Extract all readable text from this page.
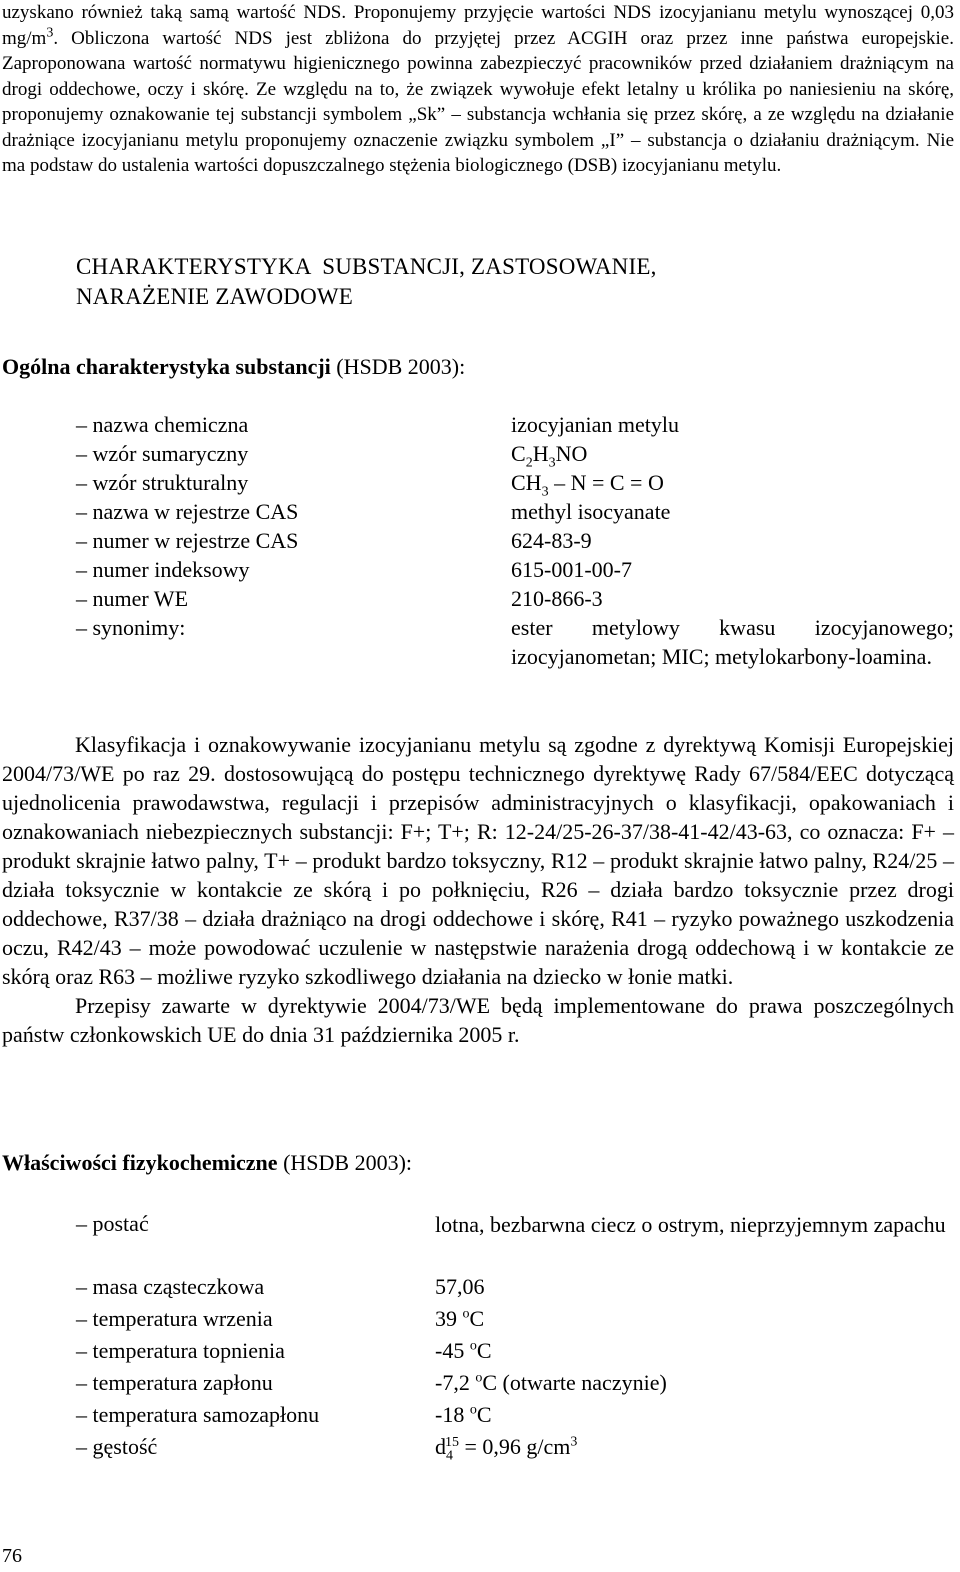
uzyskano również taką samą wartość NDS. Proponujemy przyjęcie wartości NDS izocyjanianu metylu wynoszącej 0,03 $mg/m^3$. Obliczona wartość NDS jest zbliżona do przyjętej przez ACGIH oraz przez inne państwa europejskie. Zaproponowana wartość normatywu higienicznego powinna zabezpieczyć pracowników przed działaniem drażniącym na drogi oddechowe, oczy i skórę. Ze względu na to, że związek wywołuje efekt letalny u królika po naniesieniu na skórę, proponujemy oznakowanie tej substancji symbolem „Sk” – substancja wchłania się przez skórę, a ze względu na działanie drażniące izocyjanianu metylu proponujemy oznaczenie związku symbolem „I” – substancja o działaniu drażniącym. Nie ma podstaw do ustalenia wartości dopuszczalnego stężenia biologicznego (DSB) izocyjanianu metylu.

CHARAKTERYSTYKA  SUBSTANCJI, ZASTOSOWANIE,
NARAŻENIE ZAWODOWE
Ogólna charakterystyka substancji (HSDB 2003):
– nazwa chemiczna	izocyjanian metylu
– wzór sumaryczny	$C_2H_3NO$
– wzór strukturalny	$CH_3 - N = C = O$
– nazwa w rejestrze CAS	methyl isocyanate
– numer w rejestrze CAS	624-83-9
– numer indeksowy	615-001-00-7
– numer WE	210-866-3
– synonimy:	ester metylowy kwasu izocyjanowego; izocyjanometan; MIC; metylokarbony-loamina.

Klasyfikacja i oznakowywanie izocyjanianu metylu są zgodne z dyrektywą Komisji Europejskiej 2004/73/WE po raz 29. dostosowującą do postępu technicznego dyrektywę Rady 67/584/EEC dotyczącą ujednolicenia prawodawstwa, regulacji i przepisów administracyjnych o klasyfikacji, opakowaniach i oznakowaniach niebezpiecznych substancji: F+; T+; R: 12-24/25-26-37/38-41-42/43-63, co oznacza: F+ – produkt skrajnie łatwo palny, T+ – produkt bardzo toksyczny, R12 – produkt skrajnie łatwo palny, R24/25 – działa toksycznie w kontakcie ze skórą i po połknięciu, R26 – działa bardzo toksycznie przez drogi oddechowe, R37/38 – działa drażniąco na drogi oddechowe i skórę, R41 – ryzyko poważnego uszkodzenia oczu, R42/43 – może powodować uczulenie w następstwie narażenia drogą oddechową i w kontakcie ze skórą oraz R63 – możliwe ryzyko szkodliwego działania na dziecko w łonie matki.

Przepisy zawarte w dyrektywie 2004/73/WE będą implementowane do prawa poszczególnych państw członkowskich UE do dnia 31 października 2005 r.

Właściwości fizykochemiczne (HSDB 2003):
– postać	lotna, bezbarwna ciecz o ostrym, nieprzyjemnym zapachu
– masa cząsteczkowa	57,06
– temperatura wrzenia	39 $^o$C
– temperatura topnienia	-45 $^o$C
– temperatura zapłonu	-7,2 $^o$C (otwarte naczynie)
– temperatura samozapłonu	-18 $^o$C
– gęstość	$d_4^{15} = 0,96$ $g/cm^3$
76
